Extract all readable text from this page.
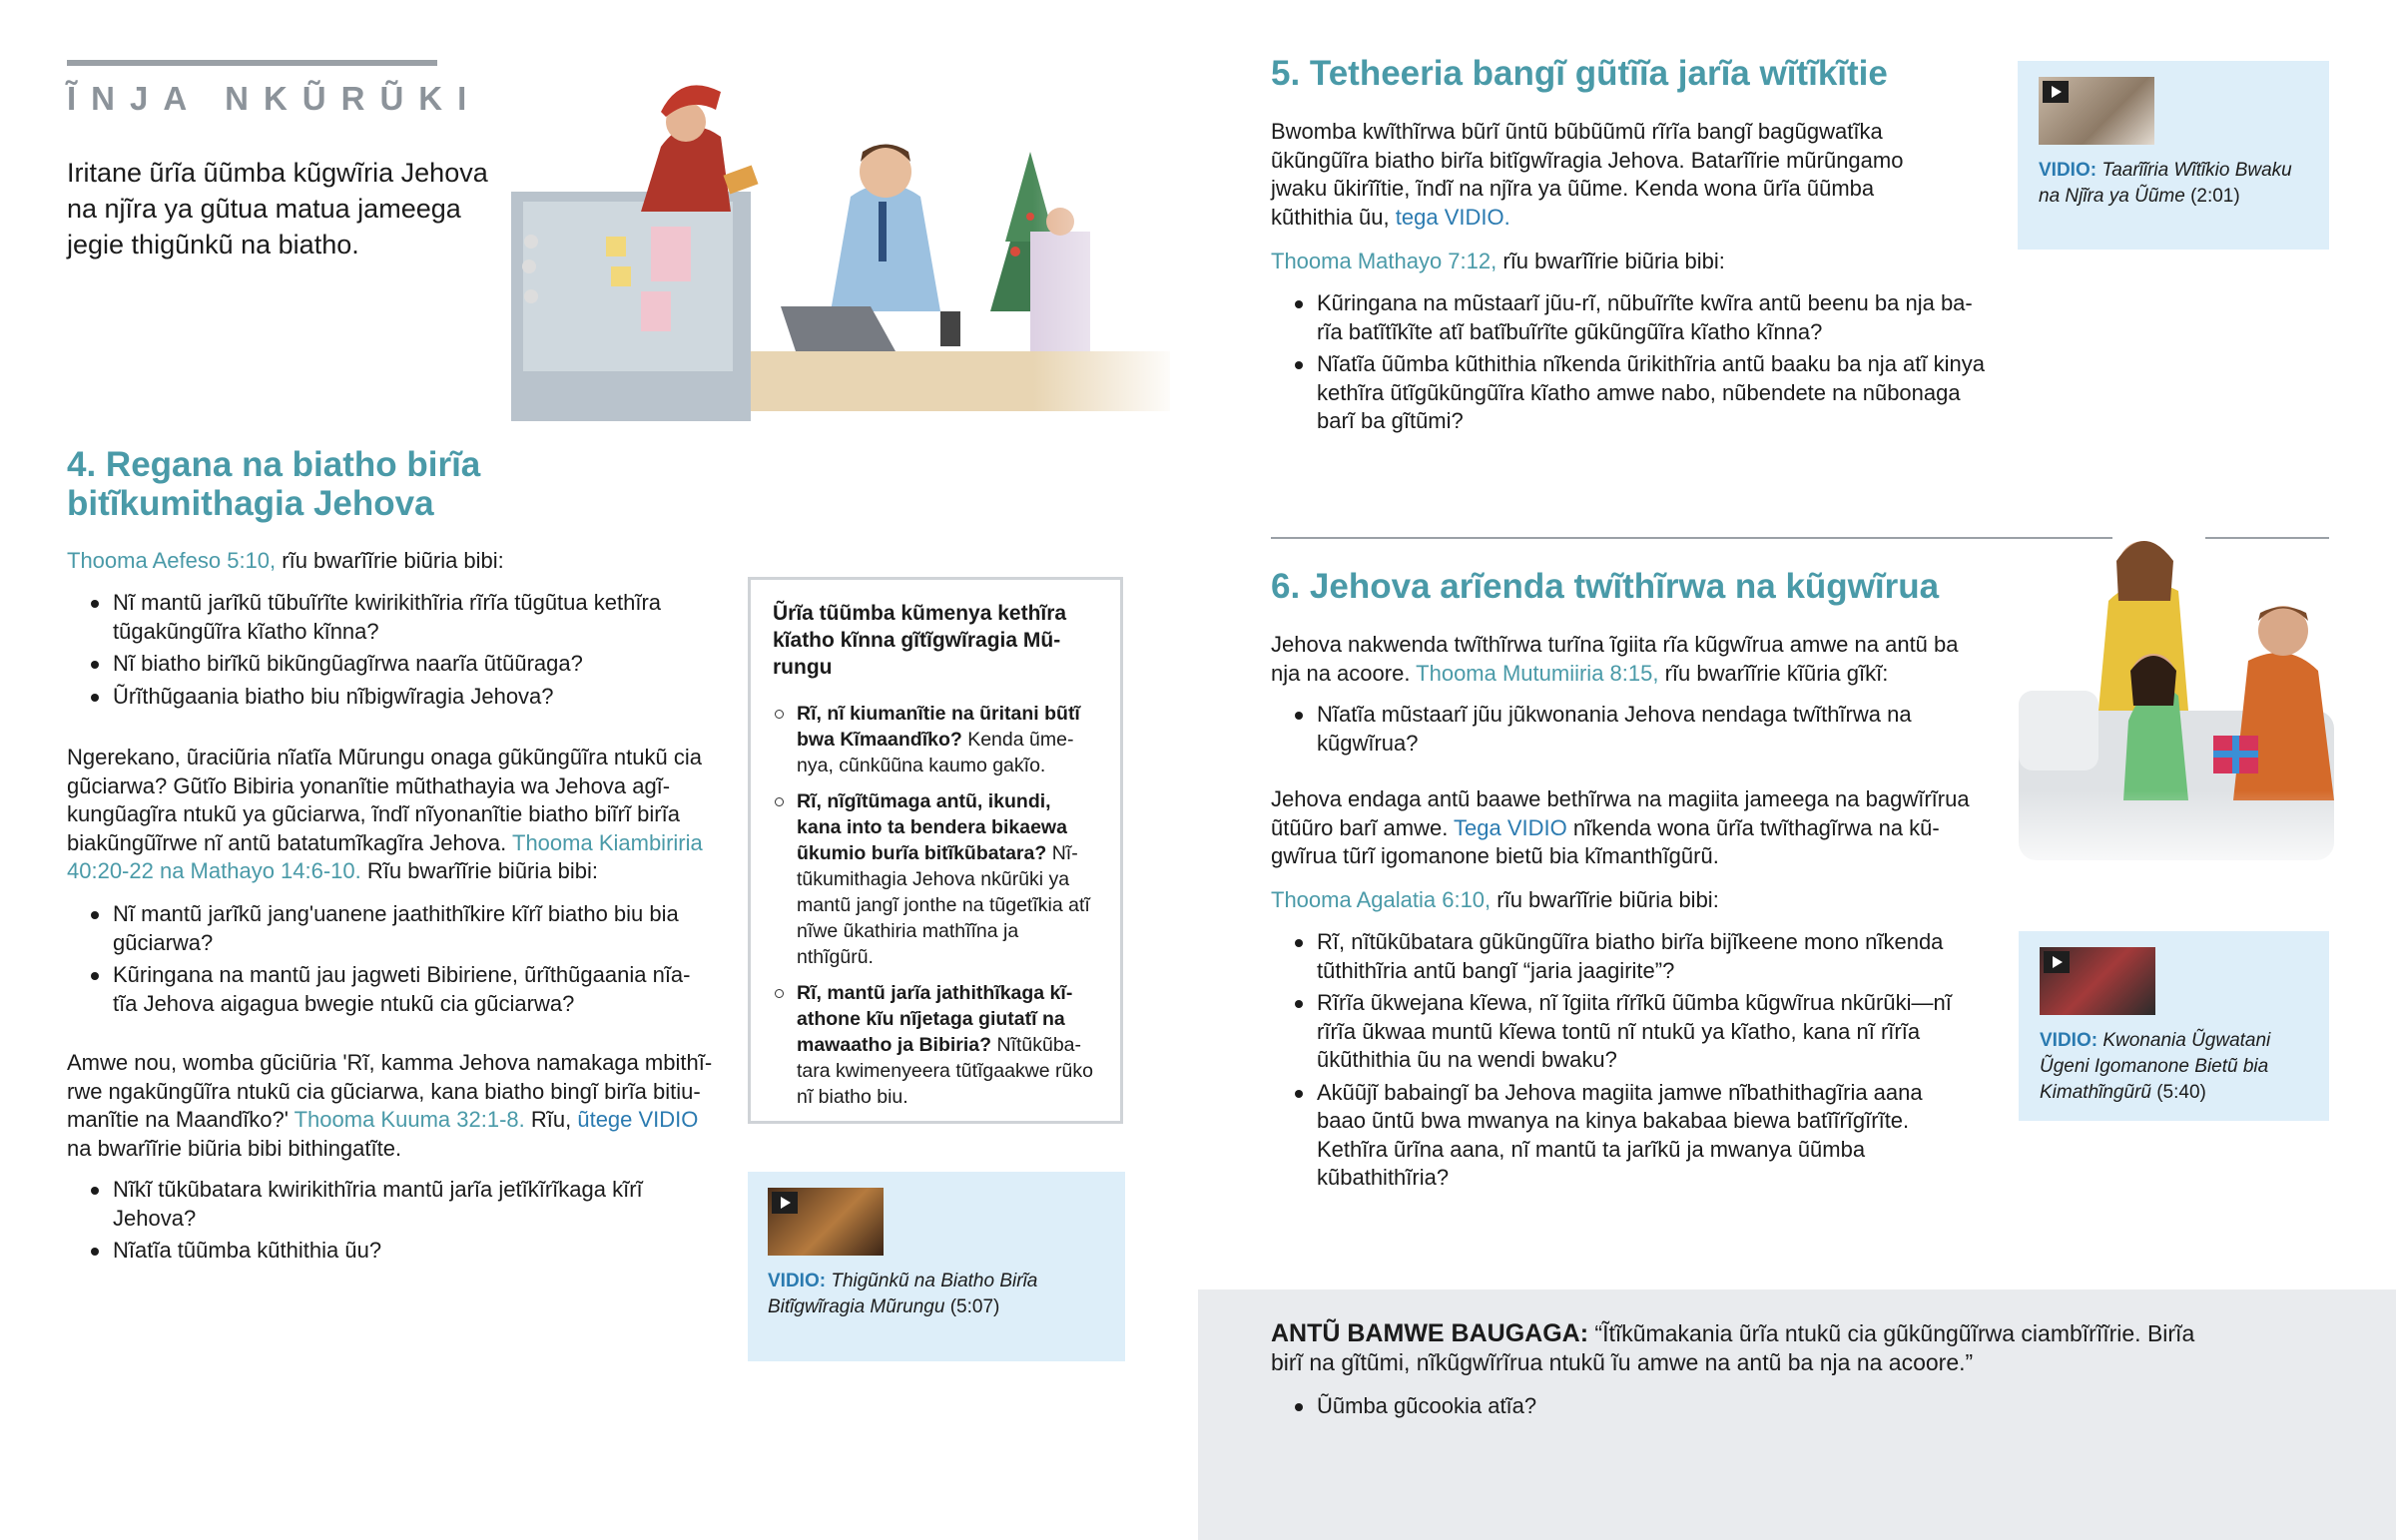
ĨNJA NKŨRŨKI

Iritane ũrĩa ũũmba kũgwĩria Jehova na njĩra ya gũtua matua jameega jegie thigũnkũ na biatho.

4. Regana na biatho birĩa bitĩkumithagia Jehova

Thooma Aefeso 5:10, rĩu bwarĩĩrie biũria bibi:

Nĩ mantũ jarĩkũ tũbuĩrĩte kwirikithĩria rĩrĩa tũgũtua kethĩra tũgakũngũĩra kĩatho kĩnna?
Nĩ biatho birĩkũ bikũngũagĩrwa naarĩa ũtũũraga?
Ũrĩthũgaania biatho biu nĩbigwĩragia Jehova?

Ngerekano, ũraciũria nĩatĩa Mũrungu onaga gũkũngũĩra ntukũ cia gũciarwa? Gũtĩo Bibiria yonanĩtie mũthathayia wa Jehova agĩkungũagĩra ntukũ ya gũciarwa, ĩndĩ nĩyonanĩtie biatho biĩrĩ birĩa biakũngũĩrwe nĩ antũ batatumĩkagĩra Jehova. Thooma Kiambiriria 40:20-22 na Mathayo 14:6-10. Rĩu bwarĩĩrie biũria bibi:

Nĩ mantũ jarĩkũ jang'uanene jaathithĩkire kĩrĩ biatho biu bia gũciarwa?
Kũringana na mantũ jau jagweti Bibiriene, ũrĩthũgaania nĩatĩa Jehova aigagua bwegie ntukũ cia gũciarwa?

Amwe nou, womba gũciũria 'Rĩ, kamma Jehova namakaga mbithĩrwe ngakũngũĩra ntukũ cia gũciarwa, kana biatho bingĩ birĩa bitiumanĩtie na Maandĩko?' Thooma Kuuma 32:1-8. Rĩu, ũtege VIDIO na bwarĩĩrie biũria bibi bithingatĩte.

Nĩkĩ tũkũbatara kwirikithĩria mantũ jarĩa jetĩkĩrĩkaga kĩrĩ Jehova?
Nĩatĩa tũũmba kũthithia ũu?
Ũrĩa tũũmba kũmenya kethĩra kĩatho kĩnna gĩtĩgwĩragia Mũrungu
Rĩ, nĩ kiumanĩtie na ũritani bũtĩ bwa Kĩmaandĩko? Kenda ũmenya, cũnkũũna kaumo gakĩo.
Rĩ, nĩgĩtũmaga antũ, ikundi, kana into ta bendera bikaewa ũkumio burĩa bitĩkũbatara? Nĩtũkumithagia Jehova nkũrũki ya mantũ jangĩ jonthe na tũgetĩkia atĩ nĩwe ũkathiria mathĩĩna ja nthĩgũrũ.
Rĩ, mantũ jarĩa jathithĩkaga kĩathone kĩu nĩjetaga giutatĩ na mawaatho ja Bibiria? Nĩtũkũbatara kwimenyeera tũtĩgaakwe rũko nĩ biatho biu.
VIDIO: Thigũnkũ na Biatho Birĩa Bitĩgwĩragia Mũrungu (5:07)
5. Tetheeria bangĩ gũtĩĩa jarĩa wĩtĩkĩtie

Bwomba kwĩthĩrwa bũrĩ ũntũ bũbũũmũ rĩrĩa bangĩ bagũgwatĩka ũkũngũĩra biatho birĩa bitĩgwĩragia Jehova. Batarĩĩrie mũrũngamo jwaku ũkirĩĩtie, ĩndĩ na njĩra ya ũũme. Kenda wona ũrĩa ũũmba kũthithia ũu, tega VIDIO.

Thooma Mathayo 7:12, rĩu bwarĩĩrie biũria bibi:

Kũringana na mũstaarĩ jũu-rĩ, nũbuĩrĩte kwĩra antũ beenu ba nja barĩa batĩtĩkĩte atĩ batĩbuĩrĩte gũkũngũĩra kĩatho kĩnna?
Nĩatĩa ũũmba kũthithia nĩkenda ũrikithĩria antũ baaku ba nja atĩ kinya kethĩra ũtĩgũkũngũĩra kĩatho amwe nabo, nũbendete na nũbonaga barĩ ba gĩtũmi?
VIDIO: Taarĩĩria Wĩtĩkio Bwaku na Njĩra ya Ũũme (2:01)
6. Jehova arĩenda twĩthĩrwa na kũgwĩrua

Jehova nakwenda twĩthĩrwa turĩna ĩgiita rĩa kũgwĩrua amwe na antũ ba nja na acoore. Thooma Mutumiiria 8:15, rĩu bwarĩĩrie kĩũria gĩkĩ:

Nĩatĩa mũstaarĩ jũu jũkwonania Jehova nendaga twĩthĩrwa na kũgwĩrua?

Jehova endaga antũ baawe bethĩrwa na magiita jameega na bagwĩrĩrua ũtũũro barĩ amwe. Tega VIDIO nĩkenda wona ũrĩa twĩthagĩrwa na kũgwĩrua tũrĩ igomanone bietũ bia kĩmanthĩgũrũ.

Thooma Agalatia 6:10, rĩu bwarĩĩrie biũria bibi:

Rĩ, nĩtũkũbatara gũkũngũĩra biatho birĩa bijĩkeene mono nĩkenda tũthithĩria antũ bangĩ “jaria jaagirite”?
Rĩrĩa ũkwejana kĩewa, nĩ ĩgiita rĩrĩkũ ũũmba kũgwĩrua nkũrũki—nĩ rĩrĩa ũkwaa muntũ kĩewa tontũ nĩ ntukũ ya kĩatho, kana nĩ rĩrĩa ũkũthithia ũu na wendi bwaku?
Akũũjĩ babaingĩ ba Jehova magiita jamwe nĩbathithagĩria aana baao ũntũ bwa mwanya na kinya bakabaa biewa batĩĩrĩgĩrĩte. Kethĩra ũrĩna aana, nĩ mantũ ta jarĩkũ ja mwanya ũũmba kũbathithĩria?
VIDIO: Kwonania Ũgwatani Ũgeni Igomanone Bietũ bia Kimathĩngũrũ (5:40)

ANTŨ BAMWE BAUGAGA: “Ĩtĩkũmakania ũrĩa ntukũ cia gũkũngũĩrwa ciambĩrĩĩrie. Birĩa birĩ na gĩtũmi, nĩkũgwĩrĩrua ntukũ ĩu amwe na antũ ba nja na acoore.”

Ũũmba gũcookia atĩa?
